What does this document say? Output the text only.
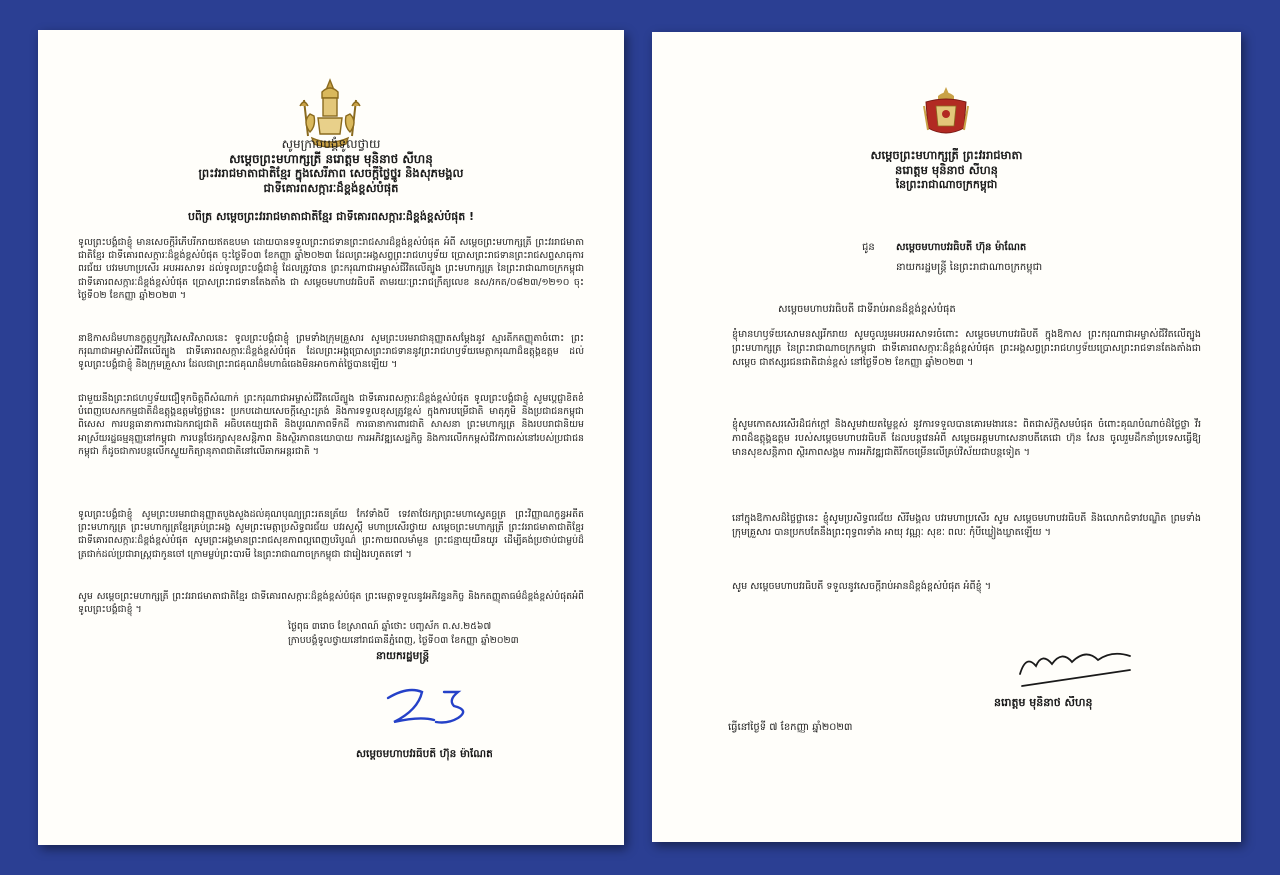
សូមក្រាបបង្គំទូលថ្វាយ
សម្តេចព្រះមហាក្សត្រី នរោត្តម មុនិនាថ សីហនុ
ព្រះវររាជមាតាជាតិខ្មែរ ក្នុងសេរីភាព សេចក្តីថ្លៃថ្នូរ និងសុភមង្គល
ជាទីគោរពសក្ការៈដ៏ខ្ពង់ខ្ពស់បំផុត
បពិត្រ សម្តេចព្រះវររាជមាតាជាតិខ្មែរ ជាទីគោរពសក្ការៈដ៏ខ្ពង់ខ្ពស់បំផុត !
ទូលព្រះបង្គំជាខ្ញុំ មានសេចក្តីរំភើបរីករាយឥតឧបមា ដោយបានទទួលព្រះរាជទានព្រះរាជសារដ៏ខ្ពង់ខ្ពស់បំផុត អំពី សម្តេចព្រះមហាក្សត្រី ព្រះវររាជមាតាជាតិខ្មែរ ជាទីគោរពសក្ការៈដ៏ខ្ពង់ខ្ពស់បំផុត ចុះថ្ងៃទី០៣ ខែកញ្ញា ឆ្នាំ២០២៣ ដែលព្រះអង្គសព្វព្រះរាជហឫទ័យ ប្រោសព្រះរាជទានព្រះរាជសព្ទសាធុការពរជ័យ បវរមហាប្រសើរ អបអរសាទរ ដល់ទូលព្រះបង្គំជាខ្ញុំ ដែលត្រូវបាន ព្រះករុណាជាអម្ចាស់ជីវិតលើត្បូង ព្រះមហាក្សត្រ នៃព្រះរាជាណាចក្រកម្ពុជា ជាទីគោរពសក្ការៈដ៏ខ្ពង់ខ្ពស់បំផុត ប្រោសព្រះរាជទានតែងតាំង ជា សម្តេចមហាបវរធិបតី តាមរយៈព្រះរាជក្រឹត្យលេខ នស/រកត/០៨២៣/១២១០ ចុះថ្ងៃទី០២ ខែកញ្ញា ឆ្នាំ២០២៣ ។
នាឱកាសដ៏មហានក្ខត្តឫក្សវិសេសវិសាលនេះ ទូលព្រះបង្គំជាខ្ញុំ ព្រមទាំងក្រុមគ្រួសារ សូមព្រះបរមរាជានុញ្ញាតសម្តែងនូវ ស្មារតីកតញ្ញុតាចំពោះ ព្រះករុណាជាអម្ចាស់ជីវិតលើត្បូង ជាទីគោរពសក្ការៈដ៏ខ្ពង់ខ្ពស់បំផុត ដែលព្រះអង្គប្រោសព្រះរាជទាននូវព្រះរាជហឫទ័យមេត្តាករុណាដ៏ឧត្តុង្គឧត្តម ដល់ទូលព្រះបង្គំជាខ្ញុំ និងក្រុមគ្រួសារ ដែលជាព្រះរាជគុណដ៏មហាធំធេងមិនអាចកាត់ថ្លៃបានឡើយ ។
ជាមួយនឹងព្រះរាជហឫទ័យជឿទុកចិត្តពីសំណាក់ ព្រះករុណាជាអម្ចាស់ជីវិតលើត្បូង ជាទីគោរពសក្ការៈដ៏ខ្ពង់ខ្ពស់បំផុត ទូលព្រះបង្គំជាខ្ញុំ សូមប្តេជ្ញាខិតខំបំពេញបេសកកម្មជាតិដ៏ឧត្តុង្គឧត្តមថ្លៃថ្លានេះ ប្រកបដោយសេចក្តីស្មោះត្រង់ និងការទទួលខុសត្រូវខ្ពស់ ក្នុងការបម្រើជាតិ មាតុភូមិ និងប្រជាជនកម្ពុជា ពិសេស ការបន្តធានាការពារឯករាជ្យជាតិ អធិបតេយ្យជាតិ និងបូរណភាពទឹកដី ការធានាការពារជាតិ សាសនា ព្រះមហាក្សត្រ និងរបបរាជានិយមអាស្រ័យរដ្ឋធម្មនុញ្ញនៅកម្ពុជា ការបន្តថែរក្សាសុខសន្តិភាព និងស្ថិរភាពនយោបាយ ការអភិវឌ្ឍសេដ្ឋកិច្ច និងការលើកកម្ពស់ជីវភាពរស់នៅរបស់ប្រជាជនកម្ពុជា ក៏ដូចជាការបន្តលើកស្ទួយកិត្យានុភាពជាតិនៅលើឆាកអន្តរជាតិ ។
ទូលព្រះបង្គំជាខ្ញុំ សូមព្រះបរមរាជានុញ្ញាតបួងសួងដល់គុណបុណ្យព្រះរតនត្រ័យ កែវទាំងបី ទេវតាថែរក្សាព្រះមហាស្វេតច្ឆត្រ ព្រះវិញ្ញាណក្ខន្ធអតីតព្រះមហាក្សត្រ ព្រះមហាក្សត្រខ្មែរគ្រប់ព្រះអង្គ សូមព្រះមេត្តាប្រសិទ្ធពរជ័យ បវរសួស្តី មហាប្រសើរថ្វាយ សម្តេចព្រះមហាក្សត្រី ព្រះវររាជមាតាជាតិខ្មែរ ជាទីគោរពសក្ការៈដ៏ខ្ពង់ខ្ពស់បំផុត សូមព្រះអង្គមានព្រះរាជសុខភាពល្អពេញបរិបូណ៌ ព្រះកាយពលមាំមួន ព្រះជន្មាយុយឺនយូរ ដើម្បីគង់ប្រថាប់ជាម្លប់ដ៏ត្រជាក់ដល់ប្រជារាស្ត្រជាកូនចៅ ក្រោមម្លប់ព្រះបារមី នៃព្រះរាជាណាចក្រកម្ពុជា ជារៀងរហូតតទៅ ។
សូម សម្តេចព្រះមហាក្សត្រី ព្រះវររាជមាតាជាតិខ្មែរ ជាទីគោរពសក្ការៈដ៏ខ្ពង់ខ្ពស់បំផុត ព្រះមេត្តាទទួលនូវអភិវន្ទនកិច្ច និងកតញ្ញុតាធម៌ដ៏ខ្ពង់ខ្ពស់បំផុតអំពីទូលព្រះបង្គំជាខ្ញុំ ។
ថ្ងៃពុធ ៣រោច ខែស្រាពណ៍ ឆ្នាំថោះ បញ្ចស័ក ព.ស.២៥៦៧
ក្រាបបង្គំទូលថ្វាយនៅរាជធានីភ្នំពេញ, ថ្ងៃទី០៣ ខែកញ្ញា ឆ្នាំ២០២៣
នាយករដ្ឋមន្ត្រី
សម្តេចមហាបវរធិបតី ហ៊ុន ម៉ាណែត
សម្តេចព្រះមហាក្សត្រី ព្រះវររាជមាតា
នរោត្តម មុនិនាថ សីហនុ
នៃព្រះរាជាណាចក្រកម្ពុជា
ជូន	សម្តេចមហាបវរធិបតី ហ៊ុន ម៉ាណែត
នាយករដ្ឋមន្ត្រី នៃព្រះរាជាណាចក្រកម្ពុជា
សម្តេចមហាបវរធិបតី ជាទីរាប់អានដ៏ខ្ពង់ខ្ពស់បំផុត
ខ្ញុំមានហឫទ័យសោមនស្សរីករាយ សូមចូលរួមអបអរសាទរចំពោះ សម្តេចមហាបវរធិបតី ក្នុងឱកាស ព្រះករុណាជាអម្ចាស់ជីវិតលើត្បូង ព្រះមហាក្សត្រ នៃព្រះរាជាណាចក្រកម្ពុជា ជាទីគោរពសក្ការៈដ៏ខ្ពង់ខ្ពស់បំផុត ព្រះអង្គសព្វព្រះរាជហឫទ័យប្រោសព្រះរាជទានតែងតាំងជាសម្តេច ជាឥស្សរជនជាតិជាន់ខ្ពស់ នៅថ្ងៃទី០២ ខែកញ្ញា ឆ្នាំ២០២៣ ។
ខ្ញុំសូមកោតសរសើរដ៏ជក់ក្តៅ និងសូមវាយតម្លៃខ្ពស់ នូវការទទួលបានគោរមងារនេះ ពិតជាស័ក្តិសមបំផុត ចំពោះគុណបំណាច់ដ៏ថ្លៃថ្លា វីរភាពដ៏ឧត្តុង្គឧត្តម របស់សម្តេចមហាបវរធិបតី ដែលបន្តវេនអំពី សម្តេចអគ្គមហាសេនាបតីតេជោ ហ៊ុន សែន ចូលរួមដឹកនាំប្រទេសធ្វើឱ្យមានសុខសន្តិភាព ស្ថិរភាពសង្គម ការអភិវឌ្ឍជាតិរីកចម្រើនលើគ្រប់វិស័យជាបន្តទៀត ។
នៅក្នុងឱកាសដ៏ថ្លៃថ្លានេះ ខ្ញុំសូមប្រសិទ្ធពរជ័យ សិរីមង្គល បវរមហាប្រសើរ សូម សម្តេចមហាបវរធិបតី និងលោកជំទាវបណ្ឌិត ព្រមទាំងក្រុមគ្រួសារ បានប្រកបតែនឹងព្រះពុទ្ធពរទាំង អាយុ វណ្ណៈ សុខៈ ពលៈ កុំបីឃ្លៀងឃ្លាតឡើយ ។
សូម សម្តេចមហាបវរធិបតី ទទួលនូវសេចក្តីរាប់អានដ៏ខ្ពង់ខ្ពស់បំផុត អំពីខ្ញុំ ។
ធ្វើនៅថ្ងៃទី ៧ ខែកញ្ញា ឆ្នាំ២០២៣
នរោត្តម មុនិនាថ សីហនុ
